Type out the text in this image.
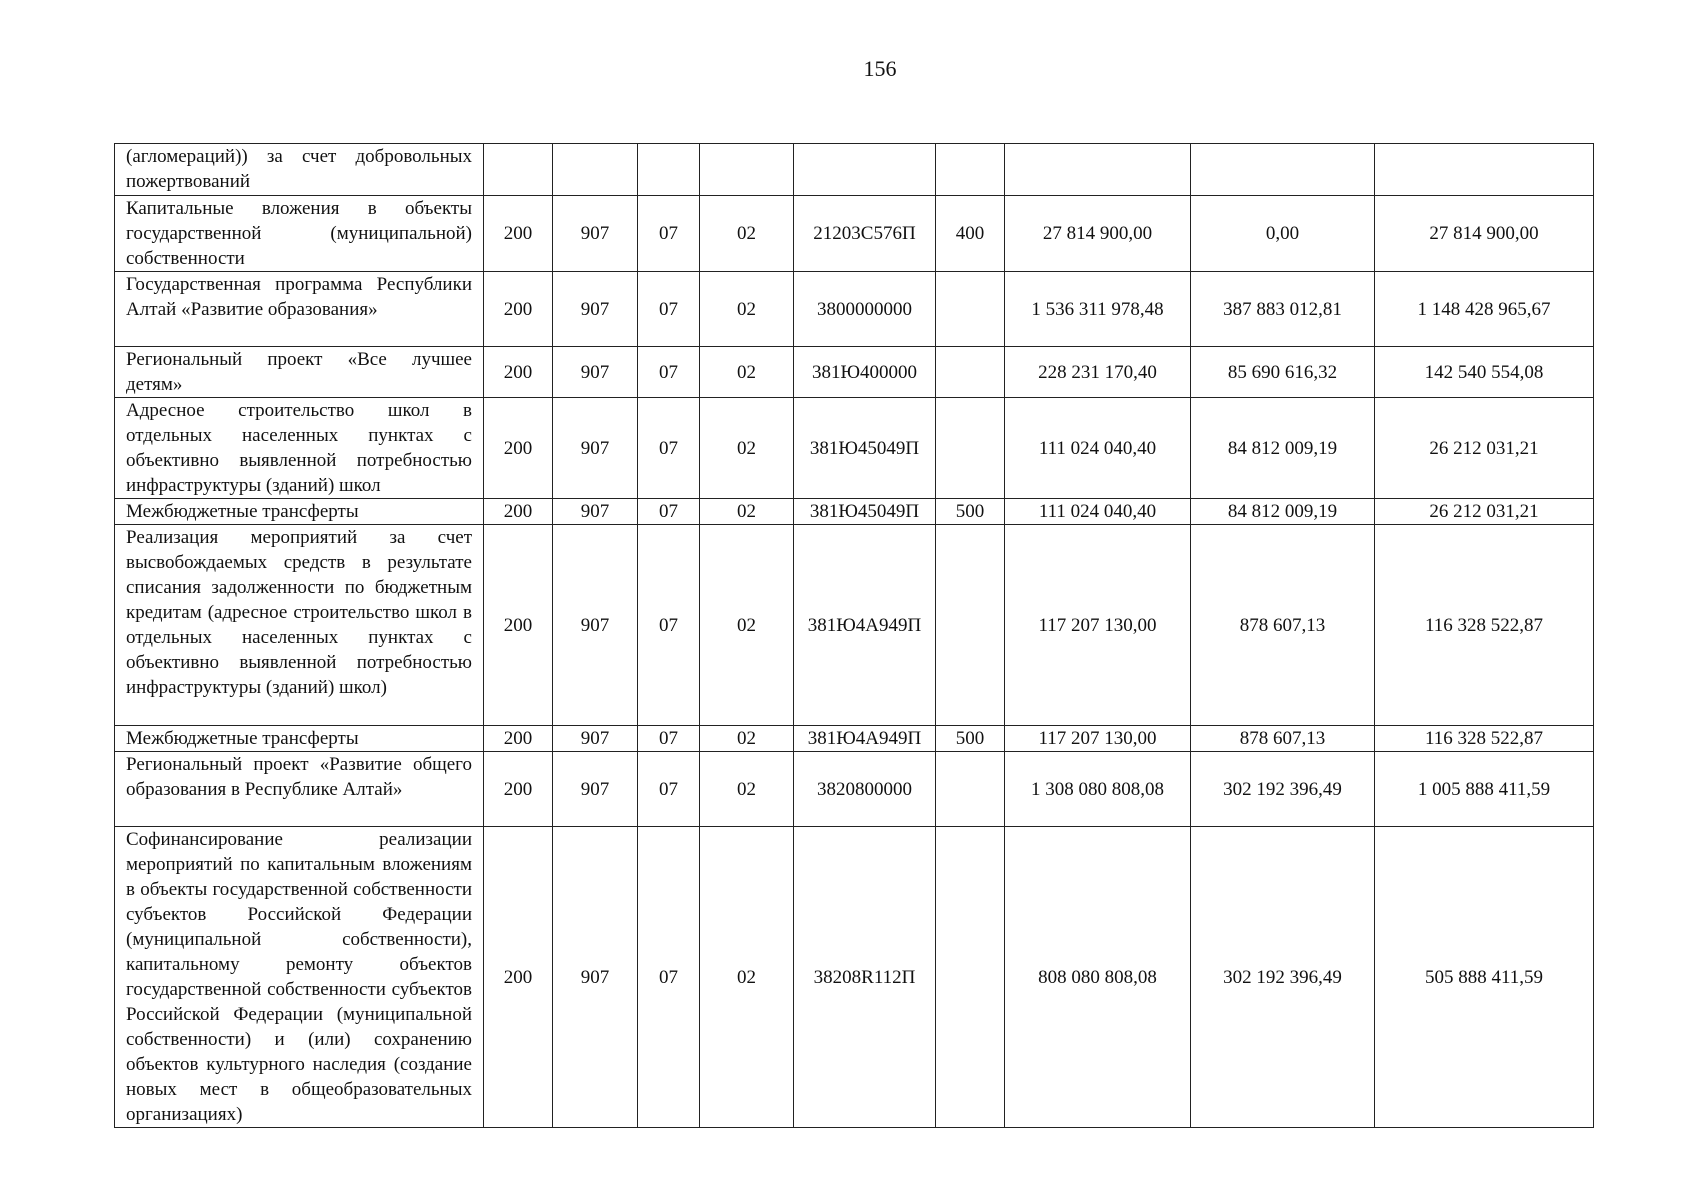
156
(агломераций)) за счет добровольных пожертвований									
Капитальные вложения в объекты государственной (муниципальной) собственности	200	907	07	02	21203С576П	400	27 814 900,00	0,00	27 814 900,00
Государственная программа Республики Алтай «Развитие образования»	200	907	07	02	3800000000		1 536 311 978,48	387 883 012,81	1 148 428 965,67
Региональный проект «Все лучшее детям»	200	907	07	02	381Ю400000		228 231 170,40	85 690 616,32	142 540 554,08
Адресное строительство школ в отдельных населенных пунктах с объективно выявленной потребностью инфраструктуры (зданий) школ	200	907	07	02	381Ю45049П		111 024 040,40	84 812 009,19	26 212 031,21
Межбюджетные трансферты	200	907	07	02	381Ю45049П	500	111 024 040,40	84 812 009,19	26 212 031,21
Реализация мероприятий за счет высвобождаемых средств в результате списания задолженности по бюджетным кредитам (адресное строительство школ в отдельных населенных пунктах с объективно выявленной потребностью инфраструктуры (зданий) школ)	200	907	07	02	381Ю4А949П		117 207 130,00	878 607,13	116 328 522,87
Межбюджетные трансферты	200	907	07	02	381Ю4А949П	500	117 207 130,00	878 607,13	116 328 522,87
Региональный проект «Развитие общего образования в Республике Алтай»	200	907	07	02	3820800000		1 308 080 808,08	302 192 396,49	1 005 888 411,59
Софинансирование реализации мероприятий по капитальным вложениям в объекты государственной собственности субъектов Российской Федерации (муниципальной собственности), капитальному ремонту объектов государственной собственности субъектов Российской Федерации (муниципальной собственности) и (или) сохранению объектов культурного наследия (создание новых мест в общеобразовательных организациях)	200	907	07	02	38208R112П		808 080 808,08	302 192 396,49	505 888 411,59
